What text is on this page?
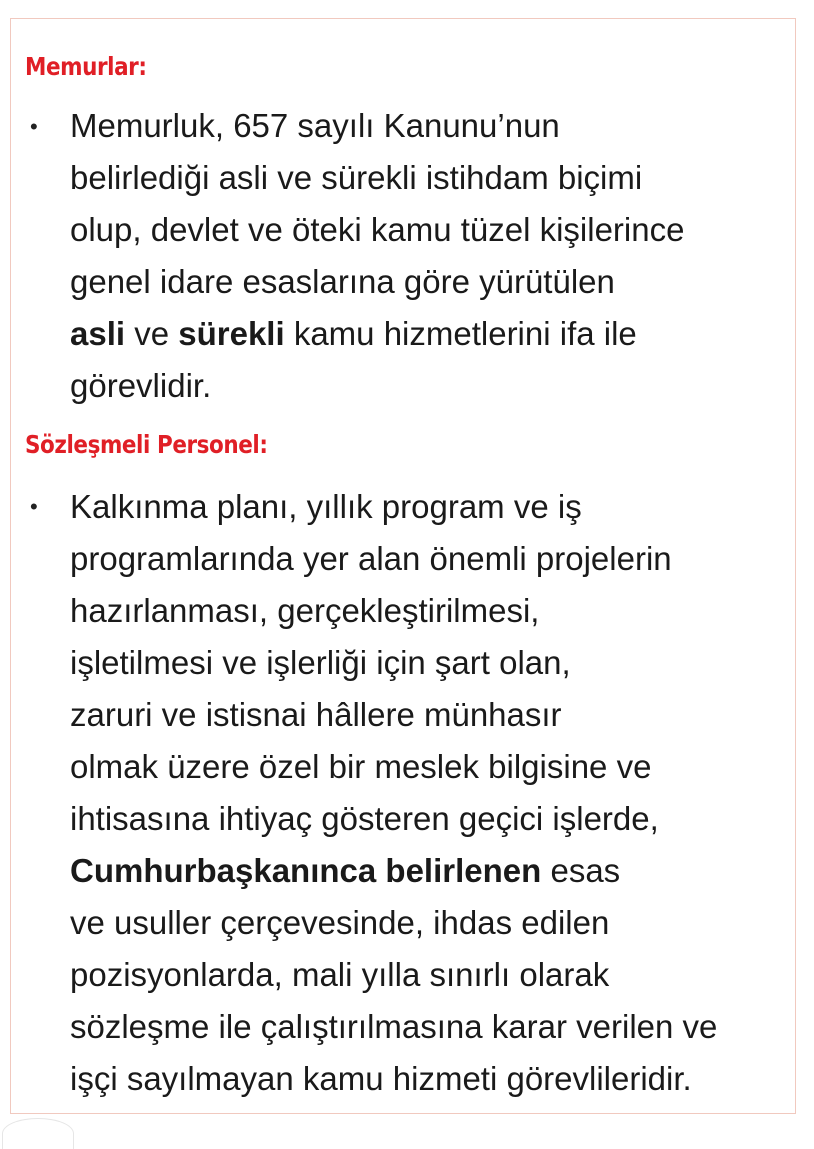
Memurlar:
• Memurluk, 657 sayılı Kanunu’nun
belirlediği asli ve sürekli istihdam biçimi
olup, devlet ve öteki kamu tüzel kişilerince
genel idare esaslarına göre yürütülen
asli ve sürekli kamu hizmetlerini ifa ile
görevlidir.

Sözleşmeli Personel:
• Kalkınma planı, yıllık program ve iş
programlarında yer alan önemli projelerin
hazırlanması, gerçekleştirilmesi,
işletilmesi ve işlerliği için şart olan,
zaruri ve istisnai hâllere münhasır
olmak üzere özel bir meslek bilgisine ve
ihtisasına ihtiyaç gösteren geçici işlerde,
Cumhurbaşkanınca belirlenen esas
ve usuller çerçevesinde, ihdas edilen
pozisyonlarda, mali yılla sınırlı olarak
sözleşme ile çalıştırılmasına karar verilen ve
işçi sayılmayan kamu hizmeti görevlileridir.
